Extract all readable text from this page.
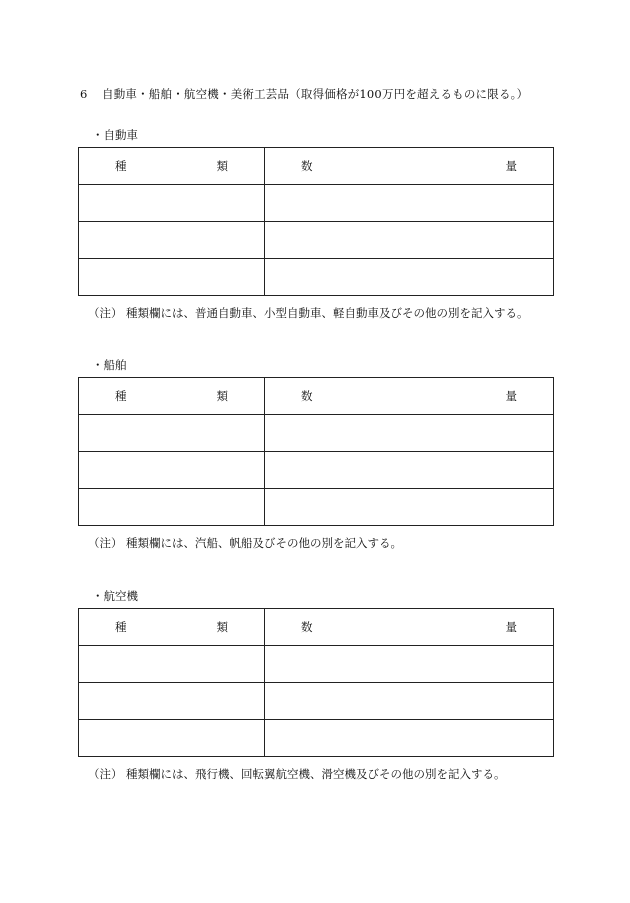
6 自動車・船舶・航空機・美術工芸品（取得価格が100万円を超えるものに限る。）
・自動車
種 類	数 量

（注） 種類欄には、普通自動車、小型自動車、軽自動車及びその他の別を記入する。
・船舶
種 類	数 量

（注） 種類欄には、汽船、帆船及びその他の別を記入する。
・航空機
種 類	数 量

（注） 種類欄には、飛行機、回転翼航空機、滑空機及びその他の別を記入する。
